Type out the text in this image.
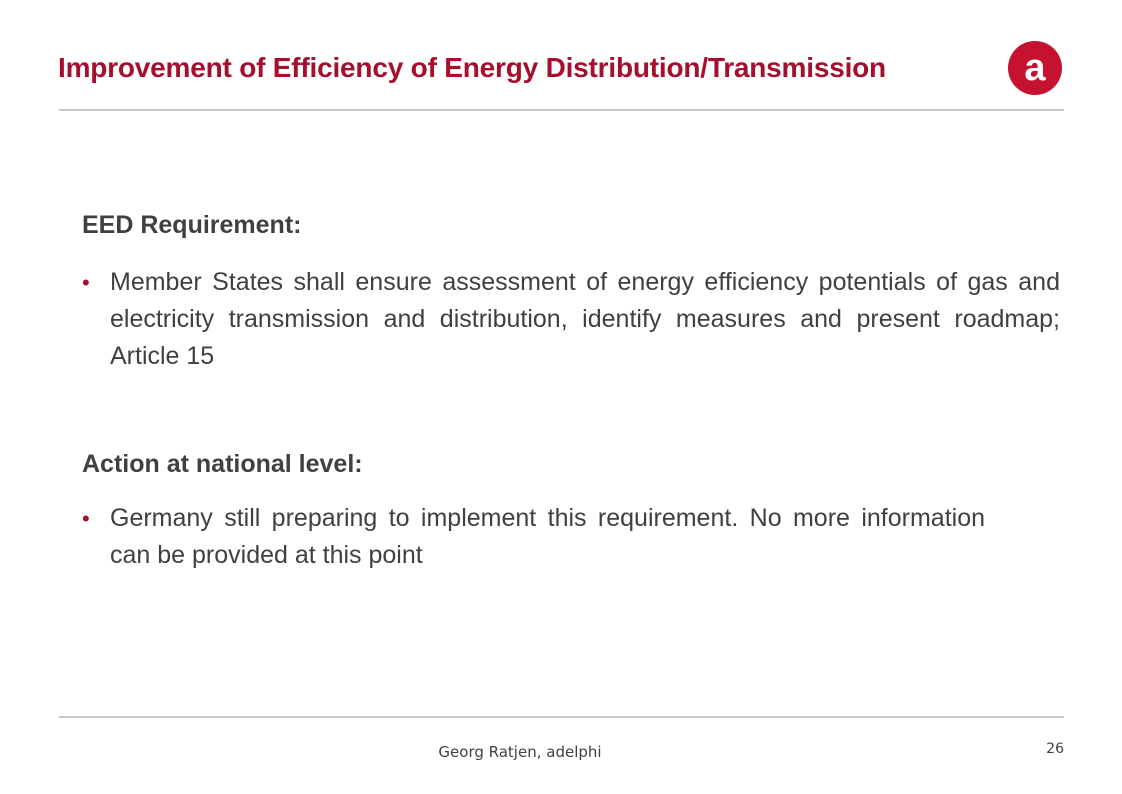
Improvement of Efficiency of Energy Distribution/Transmission	a
EED Requirement:
• Member States shall ensure assessment of energy efficiency potentials of gas and electricity transmission and distribution, identify measures and present roadmap; Article 15
Action at national level:
• Germany still preparing to implement this requirement. No more information can be provided at this point
Georg Ratjen, adelphi	26
